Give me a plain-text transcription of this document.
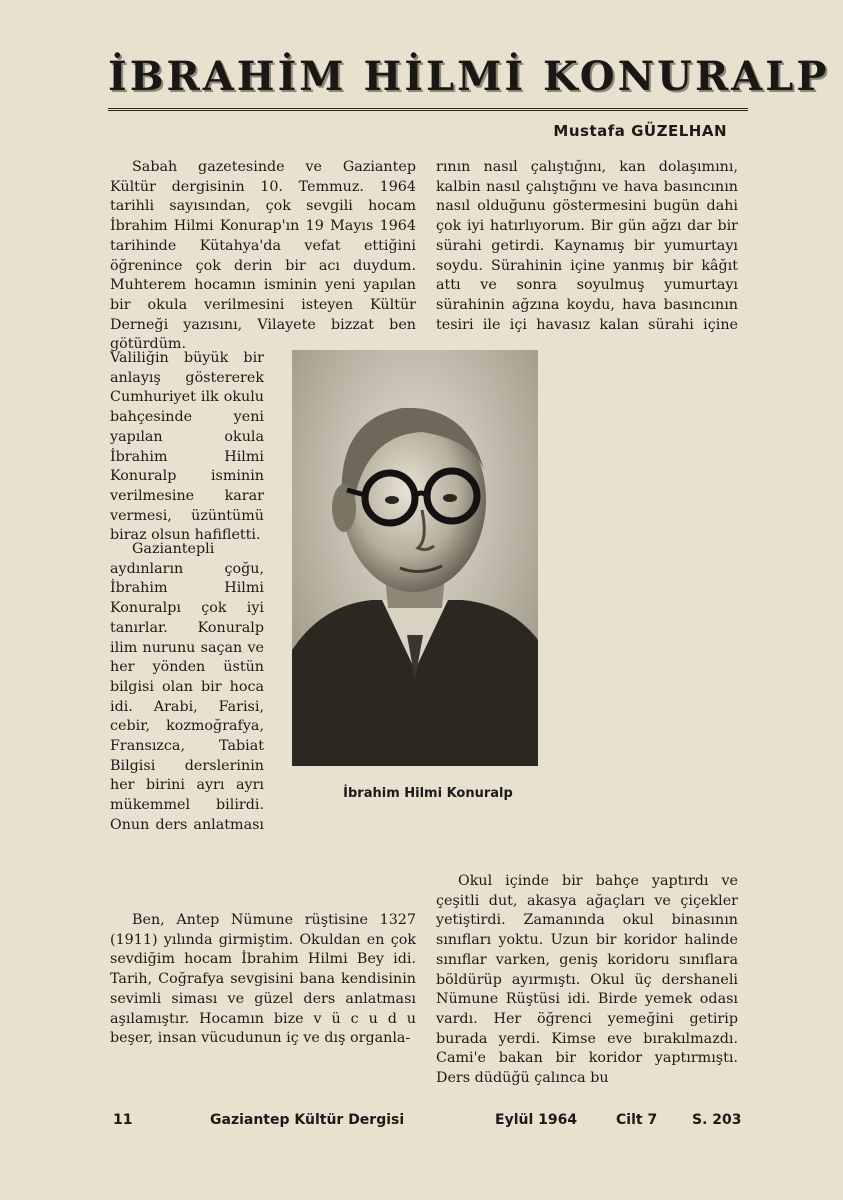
İBRAHİM HİLMİ KONURALP
Mustafa GÜZELHAN

Sabah gazetesinde ve Gaziantep Kültür dergisinin 10. Temmuz. 1964 tarihli sayısından, çok sevgili hocam İbrahim Hilmi Konurap'ın 19 Mayıs 1964 tarihinde Kütahya'da vefat ettiğini öğrenince çok derin bir acı duydum. Muhterem hocamın isminin yeni yapılan bir okula verilmesini isteyen Kültür Derneği yazısını, Vilayete bizzat ben götürdüm.

Valiliğin büyük bir anlayış göstererek Cumhuriyet ilk okulu bahçesinde yeni yapılan okula İbrahim Hilmi Konuralp isminin verilmesine karar vermesi, üzüntümü biraz olsun hafifletti.

Gaziantepli aydınların çoğu, İbrahim Hilmi Konuralpı çok iyi tanırlar. Konuralp ilim nurunu saçan ve her yönden üstün bilgisi olan bir hoca idi. Arabi, Farisi, cebir, kozmoğrafya, Fransızca, Tabiat Bilgisi derslerinin her birini ayrı ayrı mükemmel bilirdi. Onun ders anlatması

Ben, Antep Nümune rüştisine 1327 (1911) yılında girmiştim. Okuldan en çok sevdiğim hocam İbrahim Hilmi Bey idi. Tarih, Coğrafya sevgisini bana kendisinin sevimli siması ve güzel ders anlatması aşılamıştır. Hocamın bize v ü c u d u beşer, insan vücudunun iç ve dış organla-

İbrahim Hilmi Konuralp

rının nasıl çalıştığını, kan dolaşımını, kalbin nasıl çalıştığını ve hava basıncının nasıl olduğunu göstermesini bugün dahi çok iyi hatırlıyorum. Bir gün ağzı dar bir sürahi getirdi. Kaynamış bir yumurtayı soydu. Sürahinin içine yanmış bir kâğıt attı ve sonra soyulmuş yumurtayı sürahinin ağzına koydu, hava basıncının tesiri ile içi havasız kalan sürahi içine

Okul içinde bir bahçe yaptırdı ve çeşitli dut, akasya ağaçları ve çiçekler yetiştirdi. Zamanında okul binasının sınıfları yoktu. Uzun bir koridor halinde sınıflar varken, geniş koridoru sınıflara böldürüp ayırmıştı. Okul üç dershaneli Nümune Rüştüsi idi. Birde yemek odası vardı. Her öğrenci yemeğini getirip burada yerdi. Kimse eve bırakılmazdı. Cami'e bakan bir koridor yaptırmıştı. Ders düdüğü çalınca bu

11	Gaziantep Kültür Dergisi	Eylül 1964	Cilt 7 S. 203
